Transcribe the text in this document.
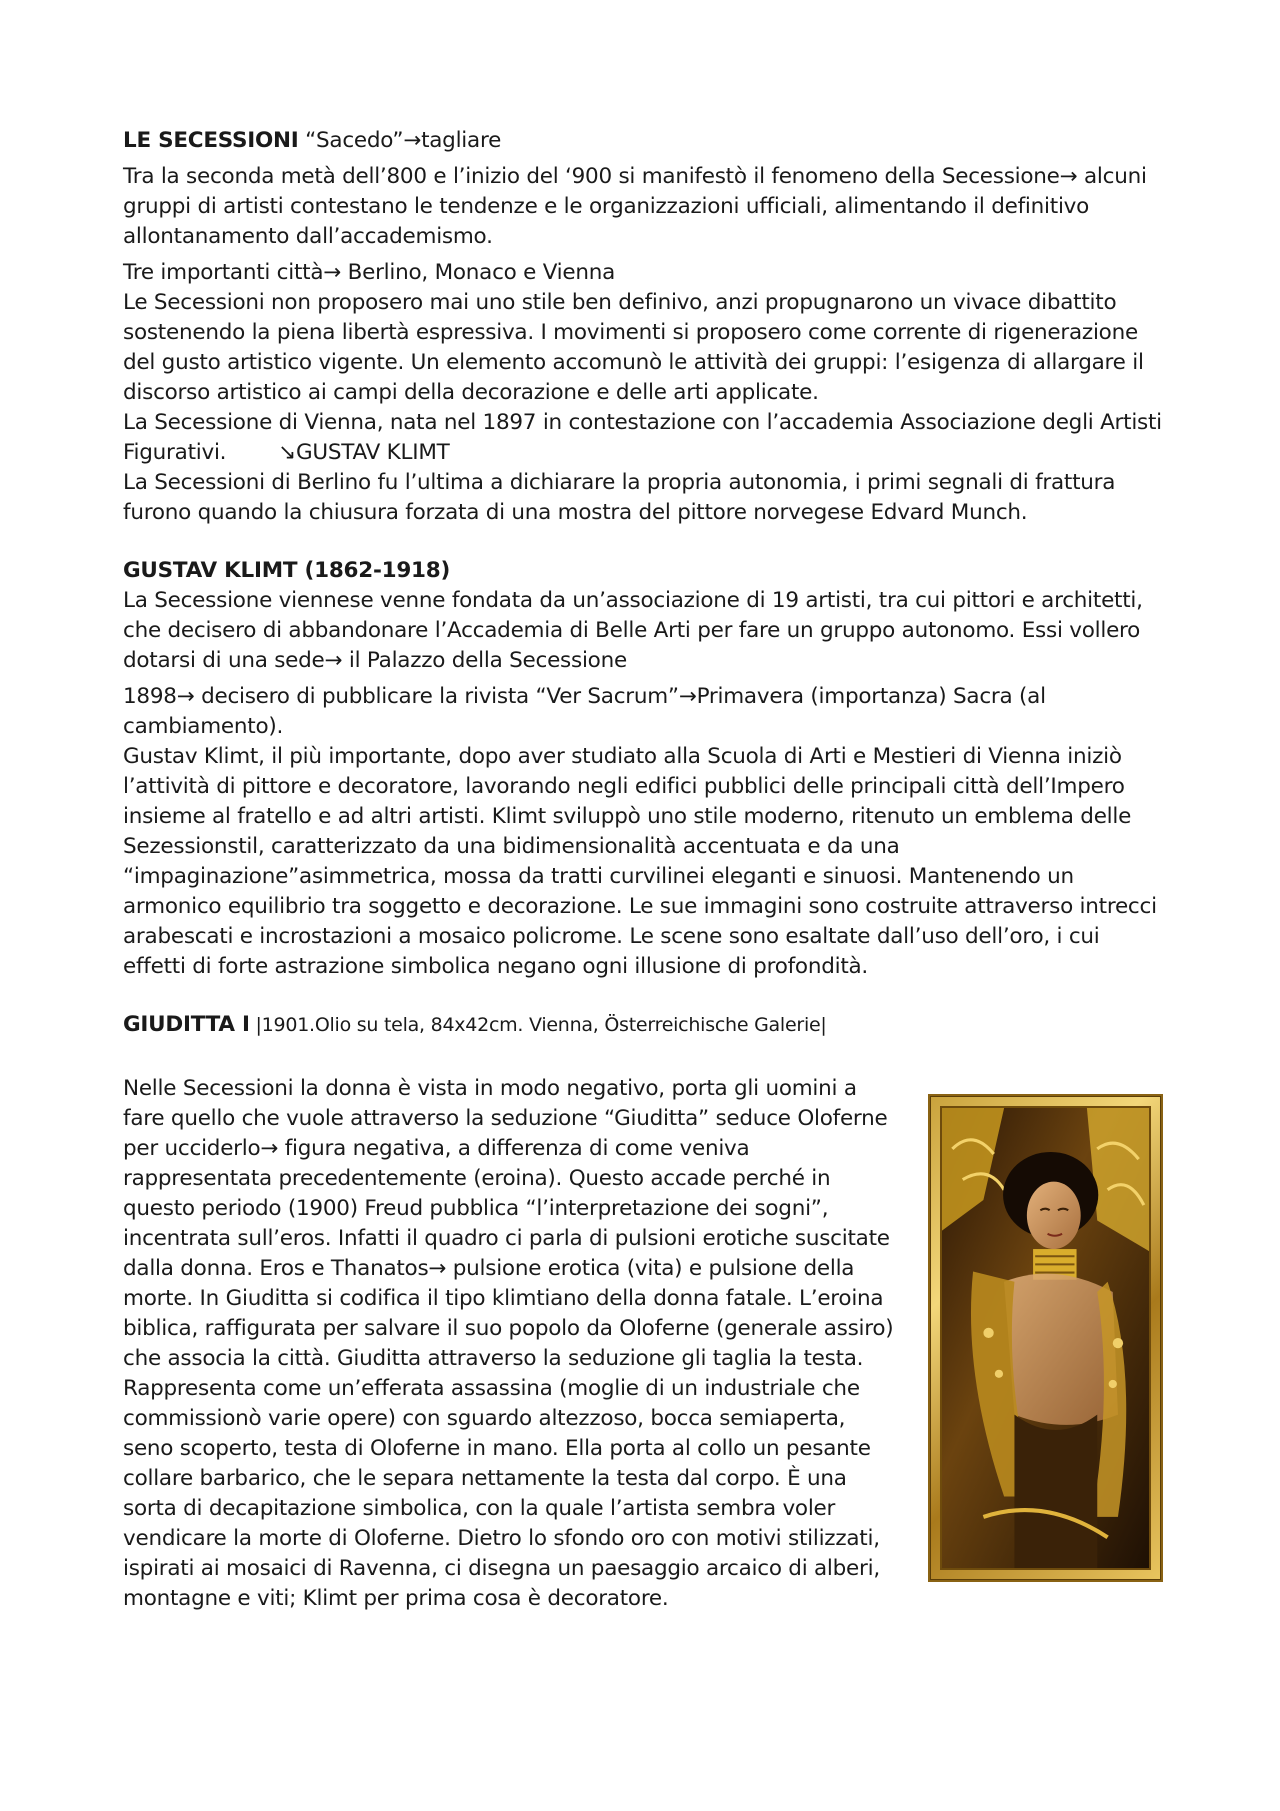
LE SECESSIONI “Sacedo”→tagliare

Tra la seconda metà dell’800 e l’inizio del ‘900 si manifestò il fenomeno della Secessione→ alcuni gruppi di artisti contestano le tendenze e le organizzazioni ufficiali, alimentando il definitivo allontanamento dall’accademismo.

Tre importanti città→ Berlino, Monaco e Vienna

Le Secessioni non proposero mai uno stile ben definivo, anzi propugnarono un vivace dibattito sostenendo la piena libertà espressiva. I movimenti si proposero come corrente di rigenerazione del gusto artistico vigente. Un elemento accomunò le attività dei gruppi: l’esigenza di allargare il discorso artistico ai campi della decorazione e delle arti applicate.

La Secessione di Vienna, nata nel 1897 in contestazione con l’accademia Associazione degli Artisti Figurativi. ↘GUSTAV KLIMT

La Secessioni di Berlino fu l’ultima a dichiarare la propria autonomia, i primi segnali di frattura furono quando la chiusura forzata di una mostra del pittore norvegese Edvard Munch.

GUSTAV KLIMT (1862-1918)

La Secessione viennese venne fondata da un’associazione di 19 artisti, tra cui pittori e architetti, che decisero di abbandonare l’Accademia di Belle Arti per fare un gruppo autonomo. Essi vollero dotarsi di una sede→ il Palazzo della Secessione

1898→ decisero di pubblicare la rivista “Ver Sacrum”→Primavera (importanza) Sacra (al cambiamento).

Gustav Klimt, il più importante, dopo aver studiato alla Scuola di Arti e Mestieri di Vienna iniziò l’attività di pittore e decoratore, lavorando negli edifici pubblici delle principali città dell’Impero insieme al fratello e ad altri artisti. Klimt sviluppò uno stile moderno, ritenuto un emblema delle Sezessionstil, caratterizzato da una bidimensionalità accentuata e da una “impaginazione”asimmetrica, mossa da tratti curvilinei eleganti e sinuosi. Mantenendo un armonico equilibrio tra soggetto e decorazione. Le sue immagini sono costruite attraverso intrecci arabescati e incrostazioni a mosaico policrome. Le scene sono esaltate dall’uso dell’oro, i cui effetti di forte astrazione simbolica negano ogni illusione di profondità.

GIUDITTA I |1901.Olio su tela, 84x42cm. Vienna, Österreichische Galerie|

Nelle Secessioni la donna è vista in modo negativo, porta gli uomini a fare quello che vuole attraverso la seduzione “Giuditta” seduce Oloferne per ucciderlo→ figura negativa, a differenza di come veniva rappresentata precedentemente (eroina). Questo accade perché in questo periodo (1900) Freud pubblica “l’interpretazione dei sogni”, incentrata sull’eros. Infatti il quadro ci parla di pulsioni erotiche suscitate dalla donna. Eros e Thanatos→ pulsione erotica (vita) e pulsione della morte. In Giuditta si codifica il tipo klimtiano della donna fatale. L’eroina biblica, raffigurata per salvare il suo popolo da Oloferne (generale assiro) che associa la città. Giuditta attraverso la seduzione gli taglia la testa. Rappresenta come un’efferata assassina (moglie di un industriale che commissionò varie opere) con sguardo altezzoso, bocca semiaperta, seno scoperto, testa di Oloferne in mano. Ella porta al collo un pesante collare barbarico, che le separa nettamente la testa dal corpo. È una sorta di decapitazione simbolica, con la quale l’artista sembra voler vendicare la morte di Oloferne. Dietro lo sfondo oro con motivi stilizzati, ispirati ai mosaici di Ravenna, ci disegna un paesaggio arcaico di alberi, montagne e viti; Klimt per prima cosa è decoratore.
